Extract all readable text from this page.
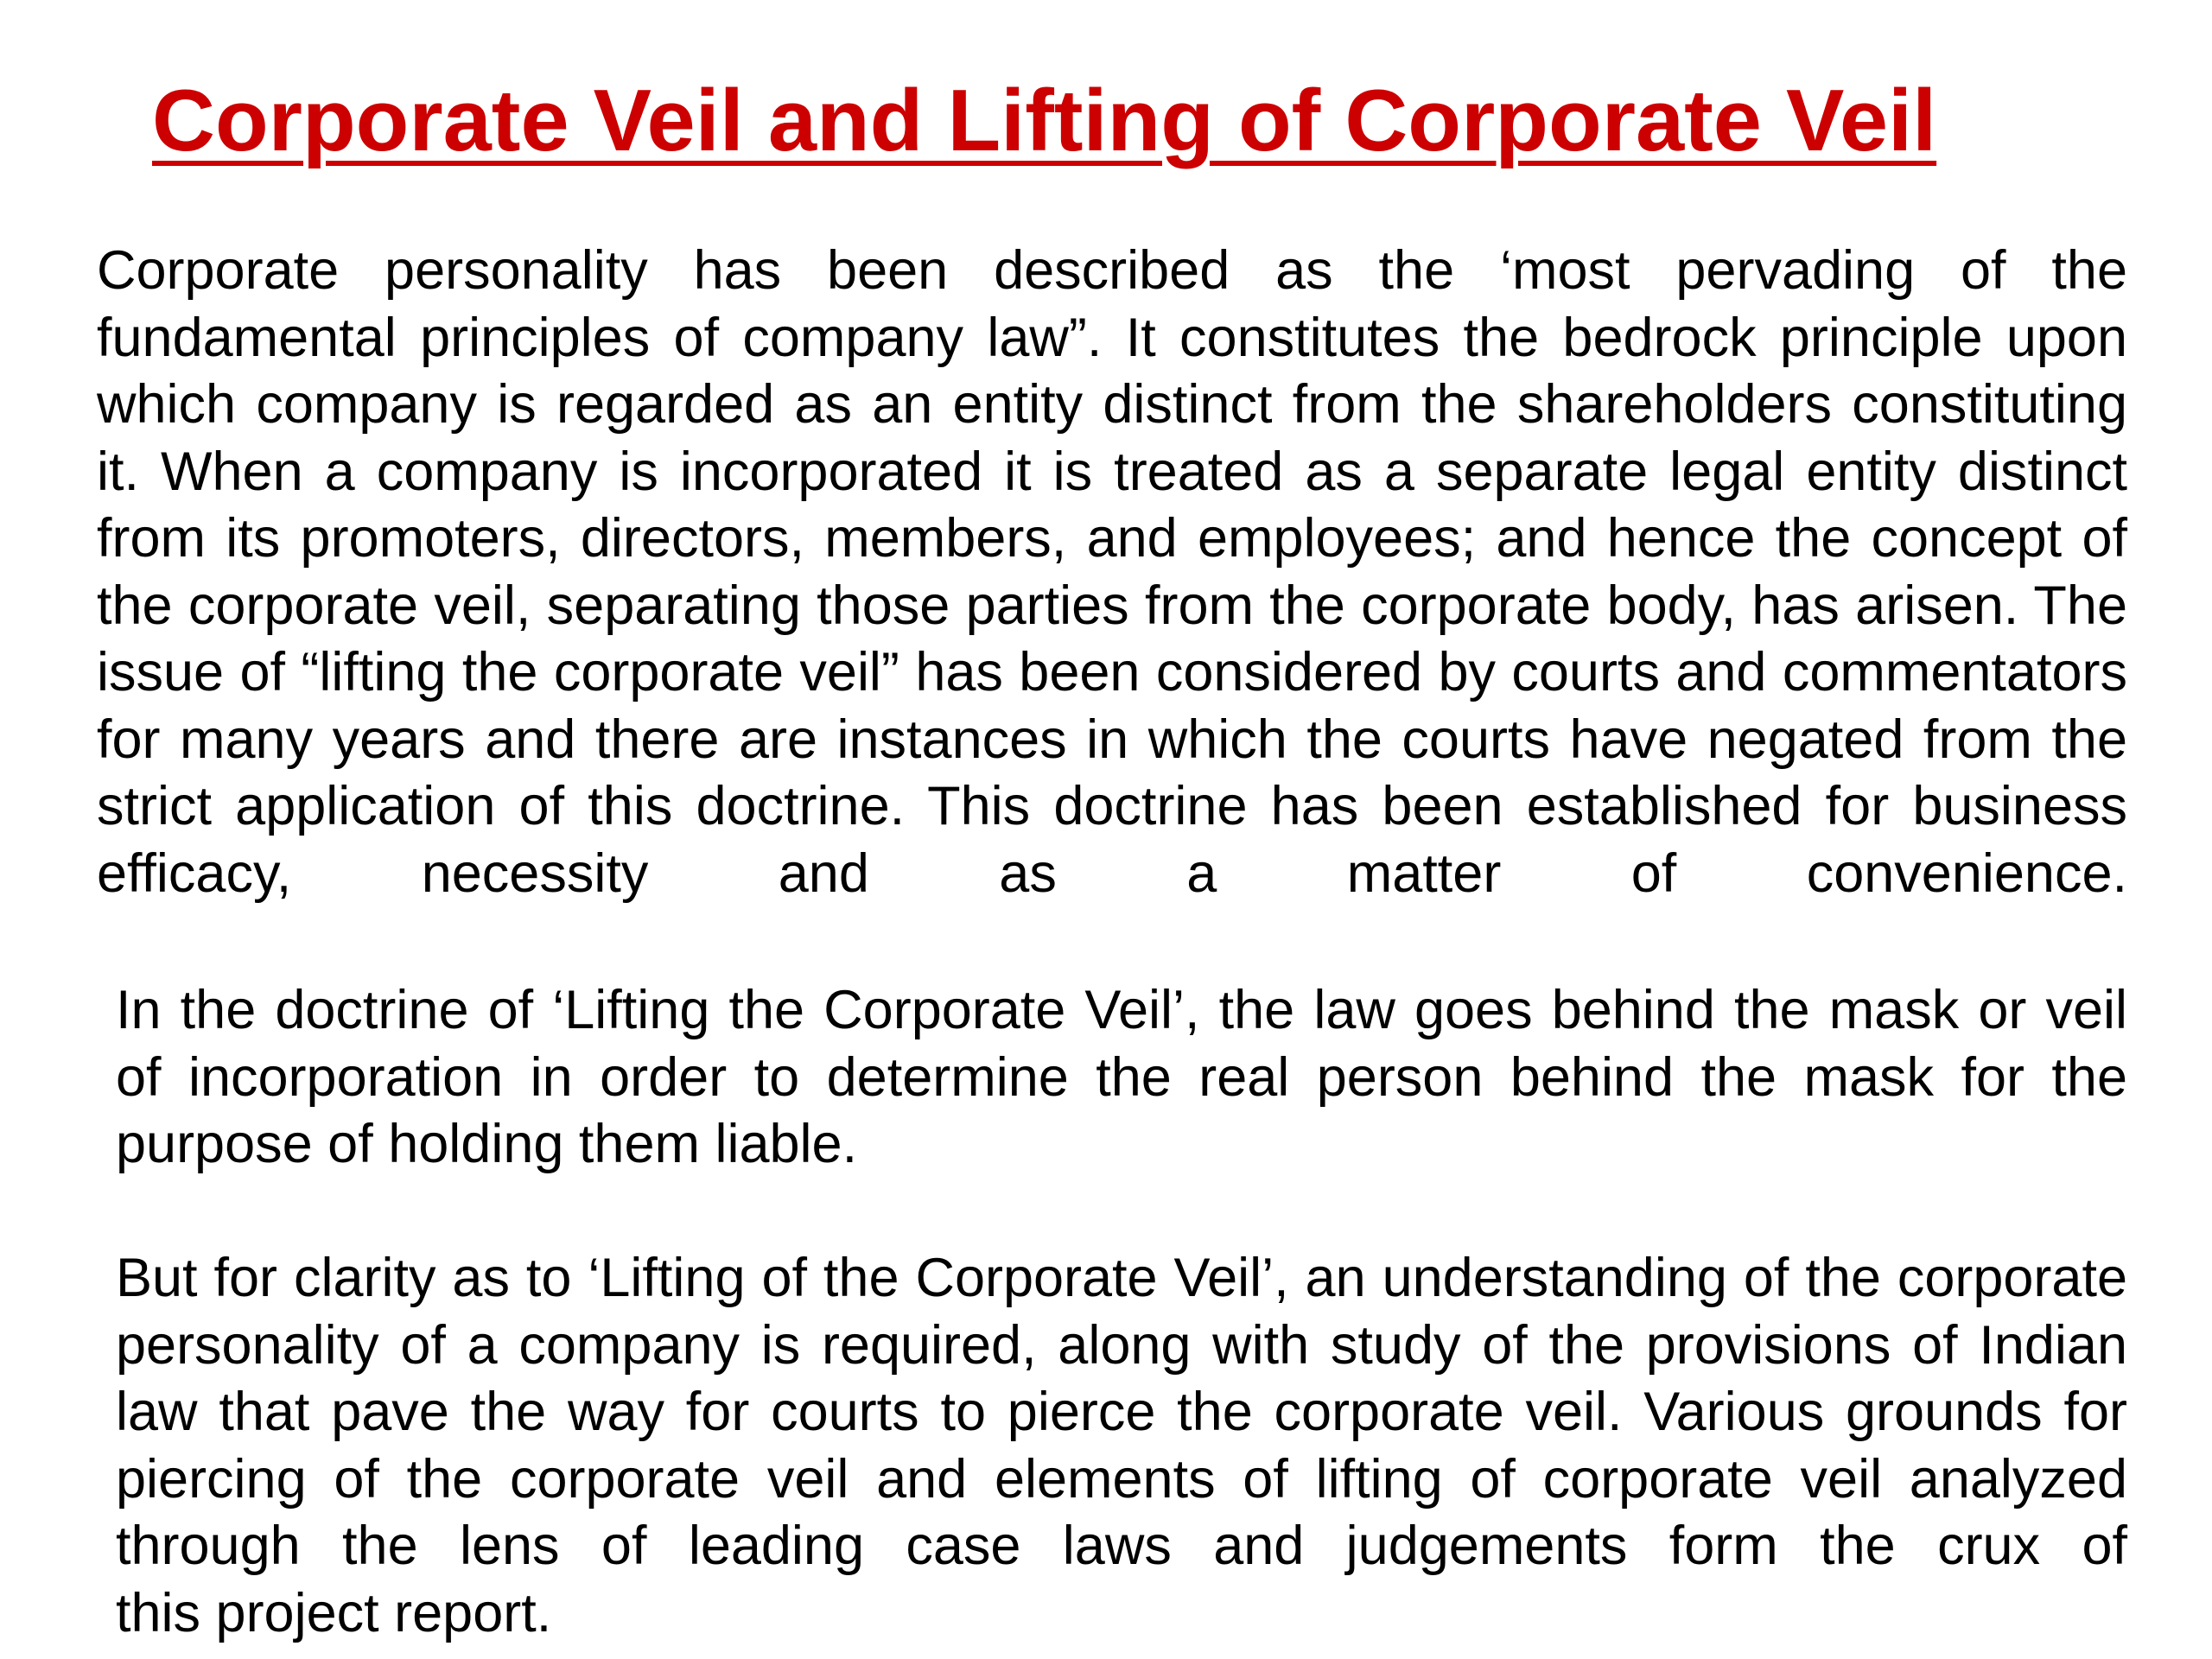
Corporate Veil and Lifting of Corporate Veil

Corporate personality has been described as the ‘most pervading of the fundamental principles of company law”. It constitutes the bedrock principle upon which company is regarded as an entity distinct from the shareholders constituting it. When a company is incorporated it is treated as a separate legal entity distinct from its promoters, directors, members, and employees; and hence the concept of the corporate veil, separating those parties from the corporate body, has arisen. The issue of “lifting the corporate veil” has been considered by courts and commentators for many years and there are instances in which the courts have negated from the strict application of this doctrine. This doctrine has been established for business efficacy, necessity and as a matter of convenience.

In the doctrine of ‘Lifting the Corporate Veil’, the law goes behind the mask or veil of incorporation in order to determine the real person behind the mask for the

purpose of holding them liable.

But for clarity as to ‘Lifting of the Corporate Veil’, an understanding of the corporate personality of a company is required, along with study of the provisions of Indian law that pave the way for courts to pierce the corporate veil. Various grounds for piercing of the corporate veil and elements of lifting of corporate veil analyzed through the lens of leading case laws and judgements form the crux of

this project report.
